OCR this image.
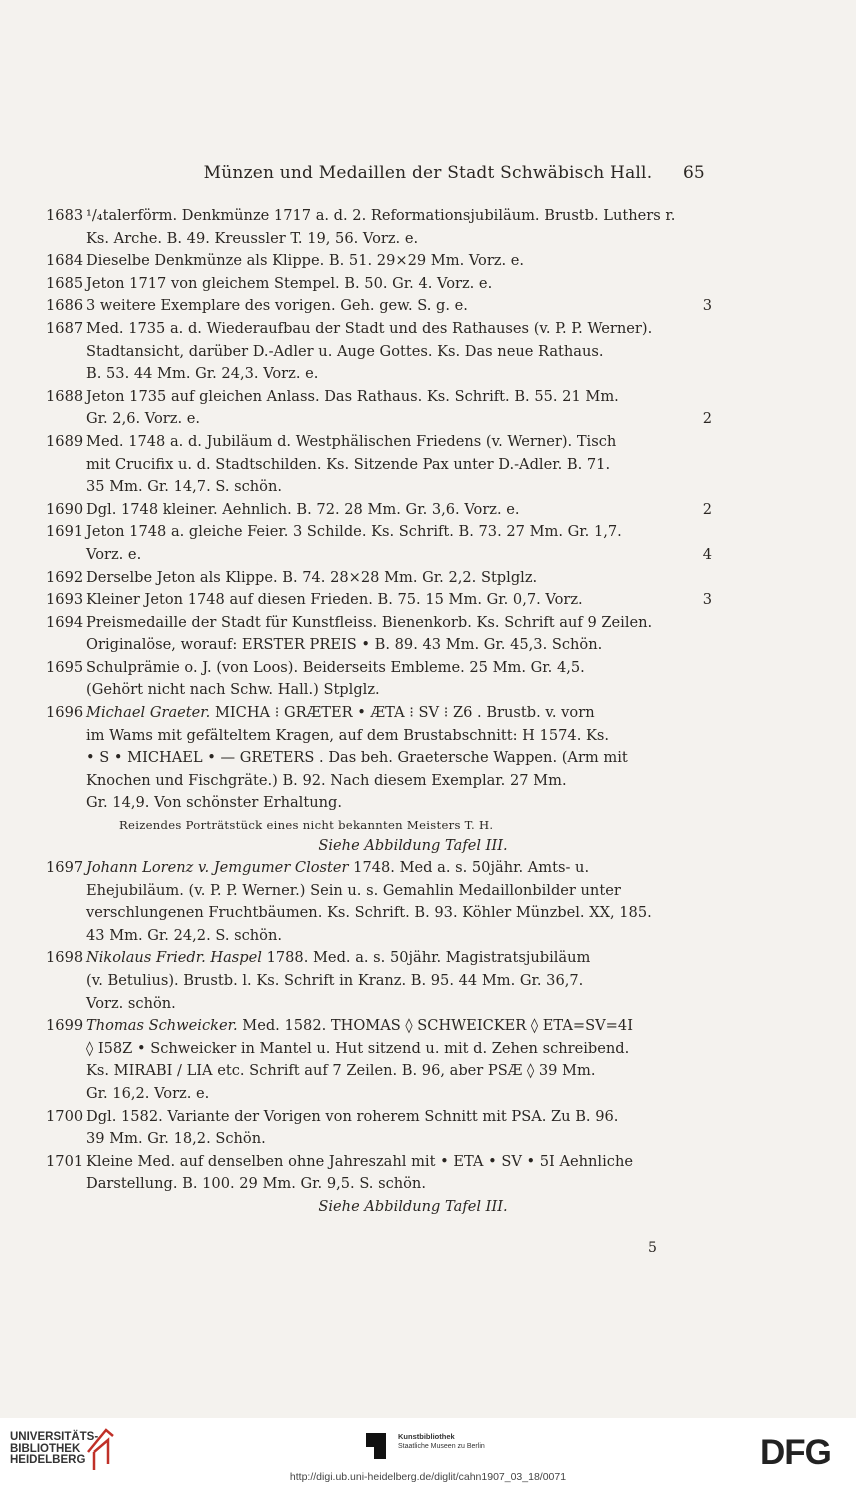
Münzen und Medaillen der Stadt Schwäbisch Hall.	65
1683 ¹/₄talerförm. Denkmünze 1717 a. d. 2. Reformationsjubiläum. Brustb. Luthers r.
Ks. Arche. B. 49. Kreussler T. 19, 56. Vorz. e.
1684 Dieselbe Denkmünze als Klippe. B. 51. 29×29 Mm. Vorz. e.
1685 Jeton 1717 von gleichem Stempel. B. 50. Gr. 4. Vorz. e.
1686 3 weitere Exemplare des vorigen. Geh. gew. S. g. e.	3
1687 Med. 1735 a. d. Wiederaufbau der Stadt und des Rathauses (v. P. P. Werner).
Stadtansicht, darüber D.-Adler u. Auge Gottes. Ks. Das neue Rathaus.
B. 53. 44 Mm. Gr. 24,3. Vorz. e.
1688 Jeton 1735 auf gleichen Anlass. Das Rathaus. Ks. Schrift. B. 55. 21 Mm.
Gr. 2,6. Vorz. e.	2
1689 Med. 1748 a. d. Jubiläum d. Westphälischen Friedens (v. Werner). Tisch
mit Crucifix u. d. Stadtschilden. Ks. Sitzende Pax unter D.-Adler. B. 71.
35 Mm. Gr. 14,7. S. schön.
1690 Dgl. 1748 kleiner. Aehnlich. B. 72. 28 Mm. Gr. 3,6. Vorz. e.	2
1691 Jeton 1748 a. gleiche Feier. 3 Schilde. Ks. Schrift. B. 73. 27 Mm. Gr. 1,7.
Vorz. e.	4
1692 Derselbe Jeton als Klippe. B. 74. 28×28 Mm. Gr. 2,2. Stplglz.
1693 Kleiner Jeton 1748 auf diesen Frieden. B. 75. 15 Mm. Gr. 0,7. Vorz.	3
1694 Preismedaille der Stadt für Kunstfleiss. Bienenkorb. Ks. Schrift auf 9 Zeilen.
Originalöse, worauf: ERSTER PREIS • B. 89. 43 Mm. Gr. 45,3. Schön.
1695 Schulprämie o. J. (von Loos). Beiderseits Embleme. 25 Mm. Gr. 4,5.
(Gehört nicht nach Schw. Hall.) Stplglz.
1696 Michael Graeter. MICHA ⁝ GRÆTER • ÆTA ⁝ SV ⁝ Z6 . Brustb. v. vorn
im Wams mit gefälteltem Kragen, auf dem Brustabschnitt: H 1574. Ks.
• S • MICHAEL • — GRETERS . Das beh. Graetersche Wappen. (Arm mit
Knochen und Fischgräte.) B. 92. Nach diesem Exemplar. 27 Mm.
Gr. 14,9. Von schönster Erhaltung.
Reizendes Porträtstück eines nicht bekannten Meisters T. H.
Siehe Abbildung Tafel III.
1697 Johann Lorenz v. Jemgumer Closter 1748. Med a. s. 50jähr. Amts- u.
Ehejubiläum. (v. P. P. Werner.) Sein u. s. Gemahlin Medaillonbilder unter
verschlungenen Fruchtbäumen. Ks. Schrift. B. 93. Köhler Münzbel. XX, 185.
43 Mm. Gr. 24,2. S. schön.
1698 Nikolaus Friedr. Haspel 1788. Med. a. s. 50jähr. Magistratsjubiläum
(v. Betulius). Brustb. l. Ks. Schrift in Kranz. B. 95. 44 Mm. Gr. 36,7.
Vorz. schön.
1699 Thomas Schweicker. Med. 1582. THOMAS ◊ SCHWEICKER ◊ ETA=SV=4I
◊ I58Z • Schweicker in Mantel u. Hut sitzend u. mit d. Zehen schreibend.
Ks. MIRABI / LIA etc. Schrift auf 7 Zeilen. B. 96, aber PSÆ ◊ 39 Mm.
Gr. 16,2. Vorz. e.
1700 Dgl. 1582. Variante der Vorigen von roherem Schnitt mit PSA. Zu B. 96.
39 Mm. Gr. 18,2. Schön.
1701 Kleine Med. auf denselben ohne Jahreszahl mit • ETA • SV • 5I Aehnliche
Darstellung. B. 100. 29 Mm. Gr. 9,5. S. schön.
Siehe Abbildung Tafel III.
5
UNIVERSITÄTS-
BIBLIOTHEK
HEIDELBERG
Kunstbibliothek
Staatliche Museen zu Berlin	DFG
http://digi.ub.uni-heidelberg.de/diglit/cahn1907_03_18/0071
